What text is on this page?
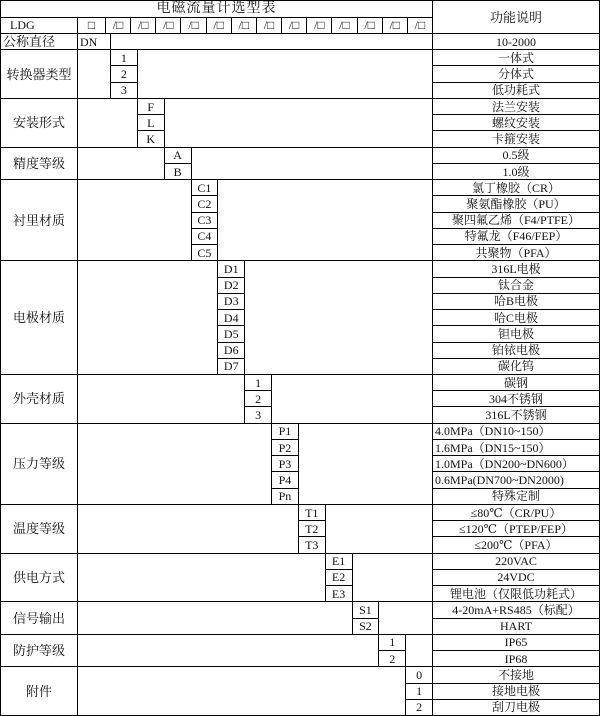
电磁流量计选型表
功能说明
LDG	□	/□	/□	/□	/□	/□	/□	/□	/□	/□	/□	/□	/□	/□
公称直径	DN	10-2000
转换器类型
1	一体式
2	分体式
3	低功耗式
安装形式
F	法兰安装
L	螺纹安装
K	卡箍安装
精度等级
A	0.5级
B	1.0级
衬里材质
C1	氯丁橡胶（CR）
C2	聚氨酯橡胶（PU）
C3	聚四氟乙烯（F4/PTFE）
C4	特氟龙（F46/FEP）
C5	共聚物（PFA）
电极材质
D1	316L电极
D2	钛合金
D3	哈B电极
D4	哈C电极
D5	钽电极
D6	铂铱电极
D7	碳化钨
外壳材质
1	碳钢
2	304不锈钢
3	316L不锈钢
压力等级
P1	4.0MPa（DN10~150）
P2	1.6MPa（DN15~150）
P3	1.0MPa（DN200~DN600）
P4	0.6MPa(DN700~DN2000)
Pn	特殊定制
温度等级
T1	≤80℃（CR/PU）
T2	≤120℃（PTEP/FEP）
T3	≤200℃（PFA）
供电方式
E1	220VAC
E2	24VDC
E3	锂电池（仅限低功耗式）
信号输出
S1	4-20mA+RS485（标配）
S2	HART
防护等级
1	IP65
2	IP68
附件
0	不接地
1	接地电极
2	刮刀电极
